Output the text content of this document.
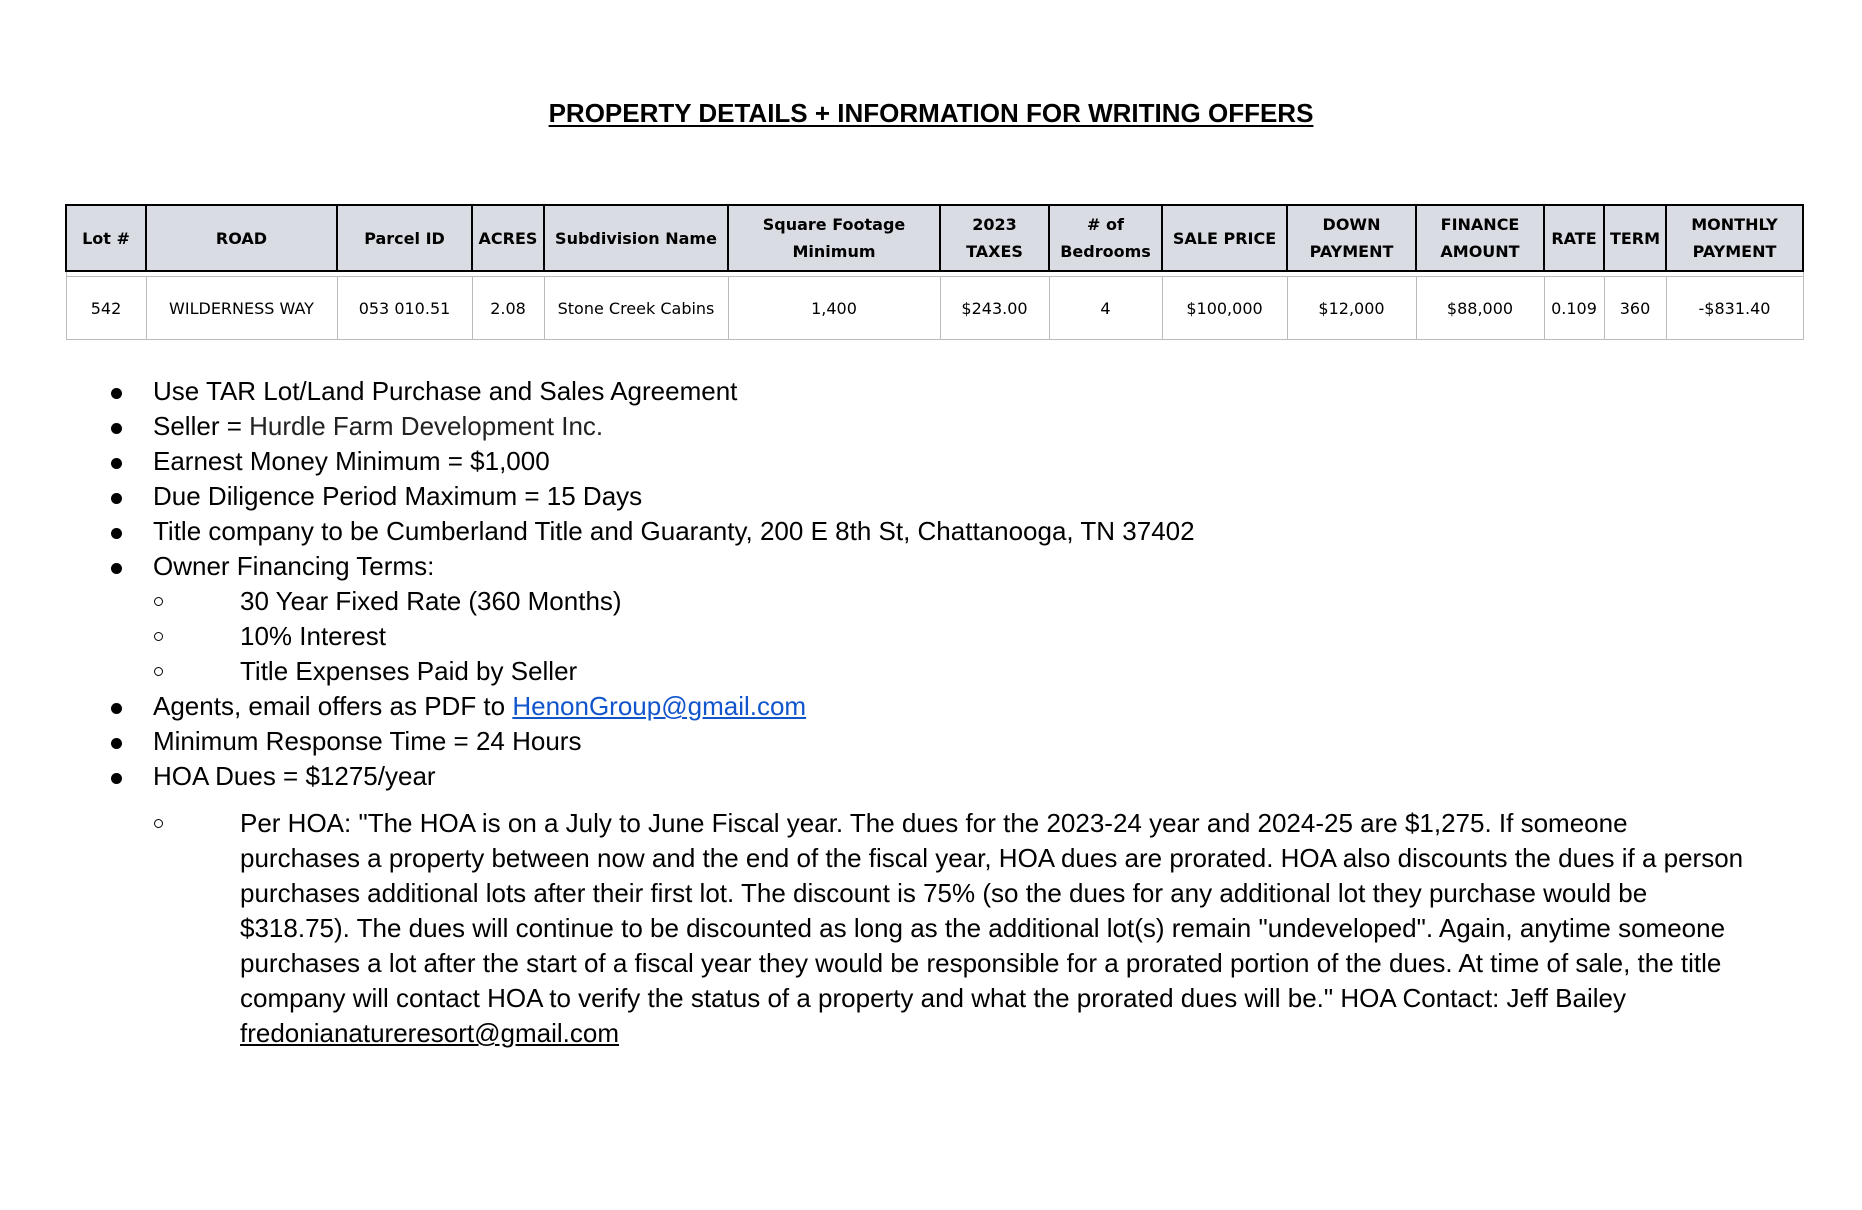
PROPERTY DETAILS + INFORMATION FOR WRITING OFFERS
Lot #	ROAD	Parcel ID	ACRES	Subdivision Name	Square Footage Minimum	2023 TAXES	# of Bedrooms	SALE PRICE	DOWN PAYMENT	FINANCE AMOUNT	RATE	TERM	MONTHLY PAYMENT

542	WILDERNESS WAY	053 010.51	2.08	Stone Creek Cabins	1,400	$243.00	4	$100,000	$12,000	$88,000	0.109	360	-$831.40
Use TAR Lot/Land Purchase and Sales Agreement
Seller = Hurdle Farm Development Inc.
Earnest Money Minimum = $1,000
Due Diligence Period Maximum = 15 Days
Title company to be Cumberland Title and Guaranty, 200 E 8th St, Chattanooga, TN 37402
Owner Financing Terms:
30 Year Fixed Rate (360 Months)
10% Interest
Title Expenses Paid by Seller
Agents, email offers as PDF to HenonGroup@gmail.com
Minimum Response Time = 24 Hours
HOA Dues = $1275/year
Per HOA: "The HOA is on a July to June Fiscal year. The dues for the 2023-24 year and 2024-25 are $1,275. If someone purchases a property between now and the end of the fiscal year, HOA dues are prorated. HOA also discounts the dues if a person purchases additional lots after their first lot. The discount is 75% (so the dues for any additional lot they purchase would be $318.75). The dues will continue to be discounted as long as the additional lot(s) remain "undeveloped". Again, anytime someone purchases a lot after the start of a fiscal year they would be responsible for a prorated portion of the dues. At time of sale, the title company will contact HOA to verify the status of a property and what the prorated dues will be." HOA Contact: Jeff Bailey fredonianatureresort@gmail.com
